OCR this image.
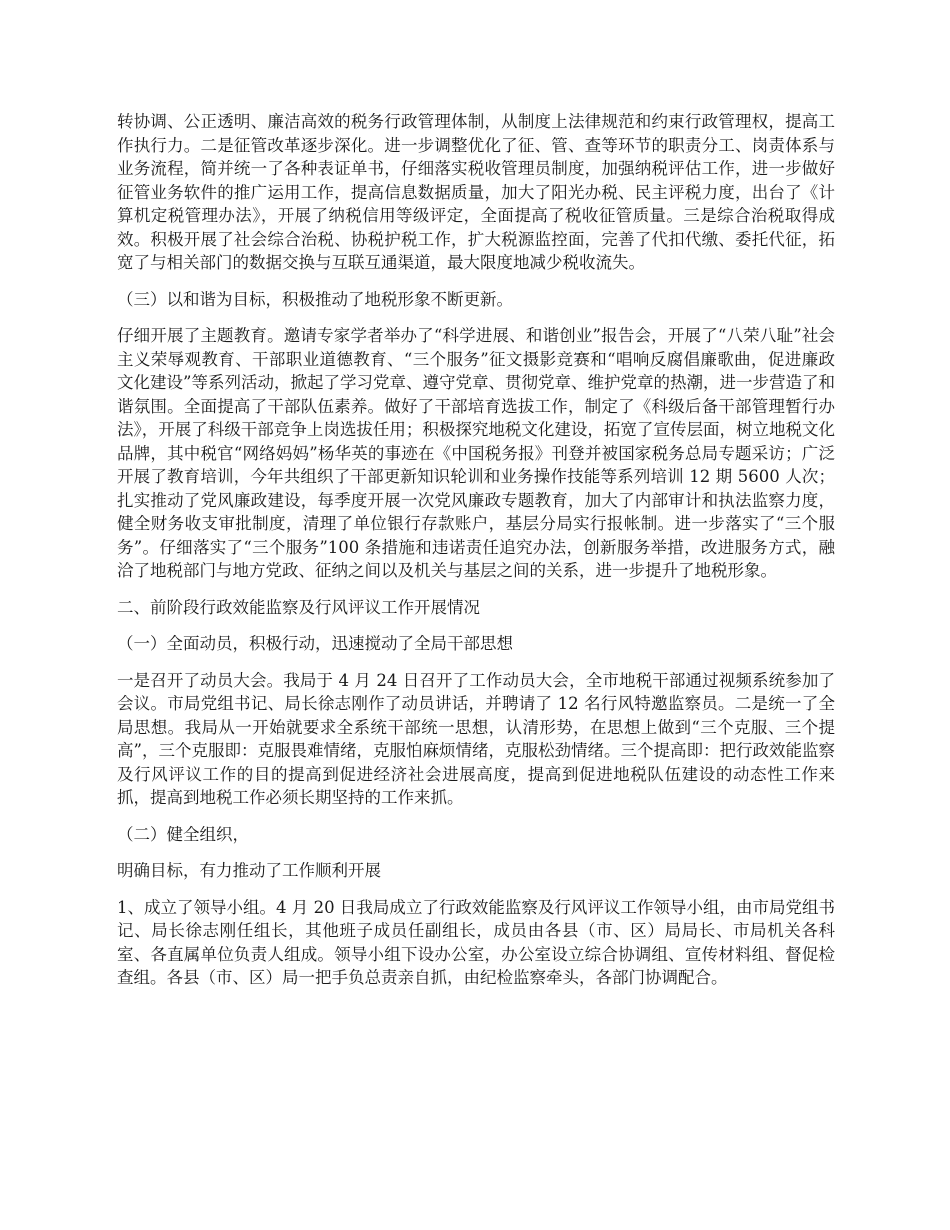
转协调、公正透明、廉洁高效的税务行政管理体制，从制度上法律规范和约束行政管理权，提高工作执行力。二是征管改革逐步深化。进一步调整优化了征、管、查等环节的职责分工、岗责体系与业务流程，简并统一了各种表证单书，仔细落实税收管理员制度，加强纳税评估工作，进一步做好征管业务软件的推广运用工作，提高信息数据质量，加大了阳光办税、民主评税力度，出台了《计算机定税管理办法》，开展了纳税信用等级评定，全面提高了税收征管质量。三是综合治税取得成效。积极开展了社会综合治税、协税护税工作，扩大税源监控面，完善了代扣代缴、委托代征，拓宽了与相关部门的数据交换与互联互通渠道，最大限度地减少税收流失。

（三）以和谐为目标，积极推动了地税形象不断更新。

仔细开展了主题教育。邀请专家学者举办了“科学进展、和谐创业”报告会，开展了“八荣八耻”社会主义荣辱观教育、干部职业道德教育、“三个服务”征文摄影竞赛和“唱响反腐倡廉歌曲，促进廉政文化建设”等系列活动，掀起了学习党章、遵守党章、贯彻党章、维护党章的热潮，进一步营造了和谐氛围。全面提高了干部队伍素养。做好了干部培育选拔工作，制定了《科级后备干部管理暂行办法》，开展了科级干部竞争上岗选拔任用；积极探究地税文化建设，拓宽了宣传层面，树立地税文化品牌，其中税官“网络妈妈”杨华英的事迹在《中国税务报》刊登并被国家税务总局专题采访；广泛开展了教育培训，今年共组织了干部更新知识轮训和业务操作技能等系列培训 12 期 5600 人次；扎实推动了党风廉政建设，每季度开展一次党风廉政专题教育，加大了内部审计和执法监察力度，健全财务收支审批制度，清理了单位银行存款账户，基层分局实行报帐制。进一步落实了“三个服务”。仔细落实了“三个服务”100 条措施和违诺责任追究办法，创新服务举措，改进服务方式，融洽了地税部门与地方党政、征纳之间以及机关与基层之间的关系，进一步提升了地税形象。

二、前阶段行政效能监察及行风评议工作开展情况

（一）全面动员，积极行动，迅速搅动了全局干部思想

一是召开了动员大会。我局于 4 月 24 日召开了工作动员大会，全市地税干部通过视频系统参加了会议。市局党组书记、局长徐志刚作了动员讲话，并聘请了 12 名行风特邀监察员。二是统一了全局思想。我局从一开始就要求全系统干部统一思想，认清形势，在思想上做到“三个克服、三个提高”，三个克服即：克服畏难情绪，克服怕麻烦情绪，克服松劲情绪。三个提高即：把行政效能监察及行风评议工作的目的提高到促进经济社会进展高度，提高到促进地税队伍建设的动态性工作来抓，提高到地税工作必须长期坚持的工作来抓。

（二）健全组织，

明确目标，有力推动了工作顺利开展

1、成立了领导小组。4 月 20 日我局成立了行政效能监察及行风评议工作领导小组，由市局党组书记、局长徐志刚任组长，其他班子成员任副组长，成员由各县（市、区）局局长、市局机关各科室、各直属单位负责人组成。领导小组下设办公室，办公室设立综合协调组、宣传材料组、督促检查组。各县（市、区）局一把手负总责亲自抓，由纪检监察牵头，各部门协调配合。
